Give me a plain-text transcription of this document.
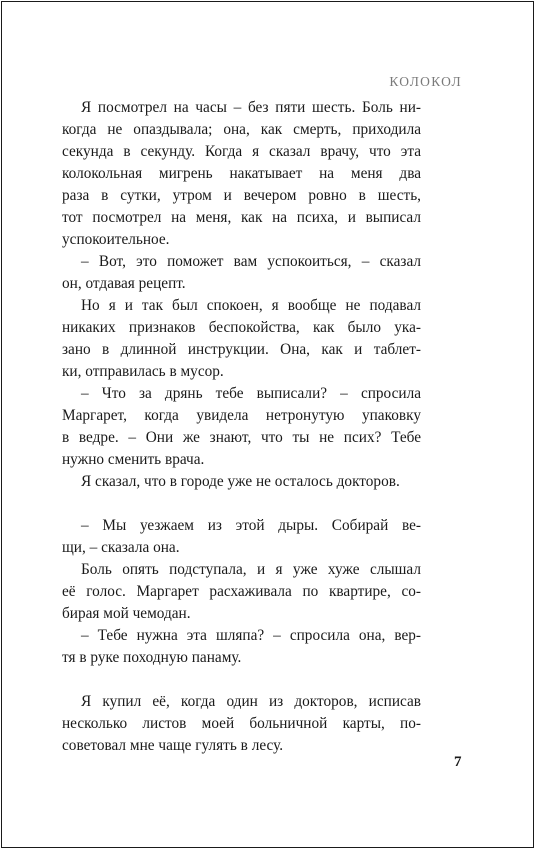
КОЛОКОЛ
Я посмотрел на часы – без пяти шесть. Боль ни-
когда не опаздывала; она, как смерть, приходила
секунда в секунду. Когда я сказал врачу, что эта
колокольная мигрень накатывает на меня два
раза в сутки, утром и вечером ровно в шесть,
тот посмотрел на меня, как на психа, и выписал
успокоительное.
– Вот, это поможет вам успокоиться, – сказал
он, отдавая рецепт.
Но я и так был спокоен, я вообще не подавал
никаких признаков беспокойства, как было ука-
зано в длинной инструкции. Она, как и таблет-
ки, отправилась в мусор.
– Что за дрянь тебе выписали? – спросила
Маргарет, когда увидела нетронутую упаковку
в ведре. – Они же знают, что ты не псих? Тебе
нужно сменить врача.
Я сказал, что в городе уже не осталось докторов.
– Мы уезжаем из этой дыры. Собирай ве-
щи, – сказала она.
Боль опять подступала, и я уже хуже слышал
её голос. Маргарет расхаживала по квартире, со-
бирая мой чемодан.
– Тебе нужна эта шляпа? – спросила она, вер-
тя в руке походную панаму.
Я купил её, когда один из докторов, исписав
несколько листов моей больничной карты, по-
советовал мне чаще гулять в лесу.
7
